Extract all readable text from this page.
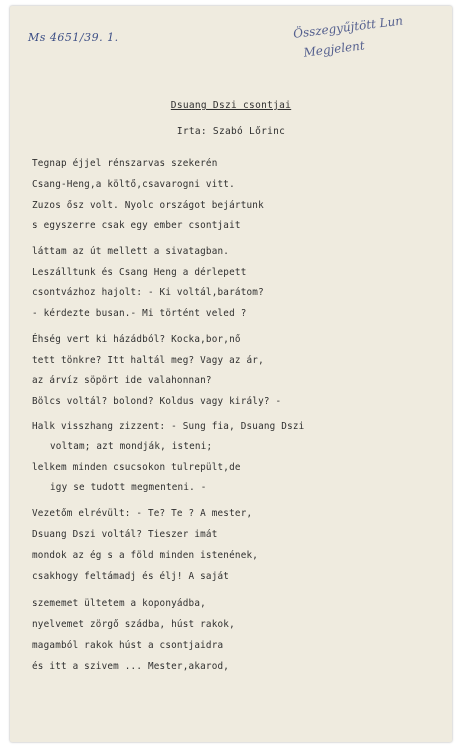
Ms 4651/39. 1.	Összegyűjtött Lun
Megjelent
Dsuang Dszi csontjai
Irta: Szabó Lőrinc
Tegnap éjjel rénszarvas szekerén
Csang-Heng,a költő,csavarogni vitt.
Zuzos ősz volt. Nyolc országot bejártunk
s egyszerre csak egy ember csontjait
láttam az út mellett a sivatagban.
Leszálltunk és Csang Heng a dérlepett
csontvázhoz hajolt: - Ki voltál,barátom?
- kérdezte busan.- Mi történt veled ?
Éhség vert ki házádból? Kocka,bor,nő
tett tönkre? Itt haltál meg? Vagy az ár,
az árvíz söpört ide valahonnan?
Bölcs voltál? bolond? Koldus vagy király? -
Halk visszhang zizzent: - Sung fia, Dsuang Dszi
voltam; azt mondják, isteni;
lelkem minden csucsokon tulrepült,de
igy se tudott megmenteni. -
Vezetőm elrévült: - Te? Te ? A mester,
Dsuang Dszi voltál? Tieszer imát
mondok az ég s a föld minden istenének,
csakhogy feltámadj és élj! A saját
szememet ültetem a koponyádba,
nyelvemet zörgő szádba, húst rakok,
magamból rakok húst a csontjaidra
és itt a szivem ... Mester,akarod,
